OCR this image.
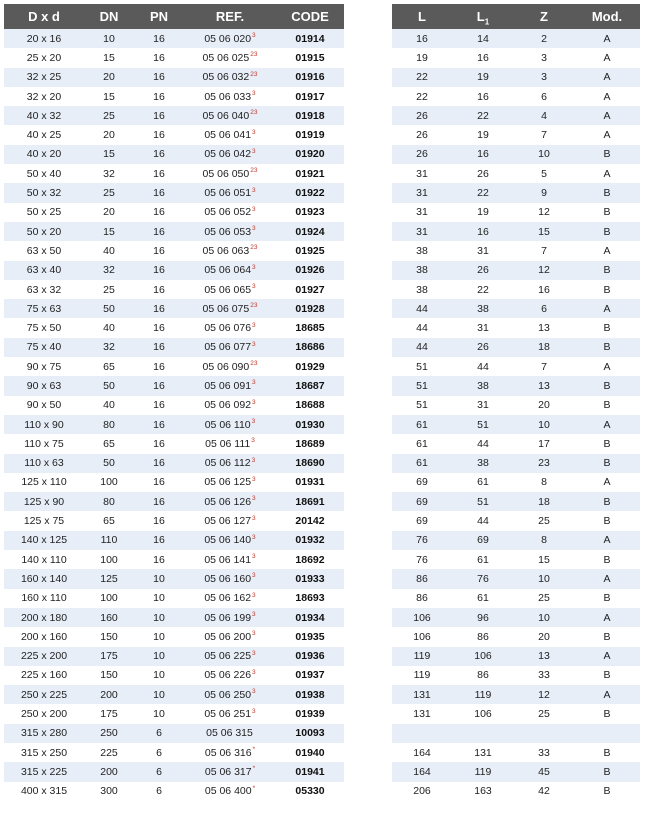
D x d	DN	PN	REF.	CODE
20 x 16	10	16	05 06 $020^3$	01914
25 x 20	15	16	05 06 $025^{23}$	01915
32 x 25	20	16	05 06 $032^{23}$	01916
32 x 20	15	16	05 06 $033^3$	01917
40 x 32	25	16	05 06 $040^{23}$	01918
40 x 25	20	16	05 06 $041^3$	01919
40 x 20	15	16	05 06 $042^3$	01920
50 x 40	32	16	05 06 $050^{23}$	01921
50 x 32	25	16	05 06 $051^3$	01922
50 x 25	20	16	05 06 $052^3$	01923
50 x 20	15	16	05 06 $053^3$	01924
63 x 50	40	16	05 06 $063^{23}$	01925
63 x 40	32	16	05 06 $064^3$	01926
63 x 32	25	16	05 06 $065^3$	01927
75 x 63	50	16	05 06 $075^{23}$	01928
75 x 50	40	16	05 06 $076^3$	18685
75 x 40	32	16	05 06 $077^3$	18686
90 x 75	65	16	05 06 $090^{23}$	01929
90 x 63	50	16	05 06 $091^3$	18687
90 x 50	40	16	05 06 $092^3$	18688
110 x 90	80	16	05 06 $110^3$	01930
110 x 75	65	16	05 06 $111^3$	18689
110 x 63	50	16	05 06 $112^3$	18690
125 x 110	100	16	05 06 $125^3$	01931
125 x 90	80	16	05 06 $126^3$	18691
125 x 75	65	16	05 06 $127^3$	20142
140 x 125	110	16	05 06 $140^3$	01932
140 x 110	100	16	05 06 $141^3$	18692
160 x 140	125	10	05 06 $160^3$	01933
160 x 110	100	10	05 06 $162^3$	18693
200 x 180	160	10	05 06 $199^3$	01934
200 x 160	150	10	05 06 $200^3$	01935
225 x 200	175	10	05 06 $225^3$	01936
225 x 160	150	10	05 06 $226^3$	01937
250 x 225	200	10	05 06 $250^3$	01938
250 x 200	175	10	05 06 $251^3$	01939
315 x 280	250	6	05 06 315	10093
315 x 250	225	6	05 06 316*	01940
315 x 225	200	6	05 06 317*	01941
400 x 315	300	6	05 06 400*	05330
L	$L_1$	Z	Mod.
16	14	2	A
19	16	3	A
22	19	3	A
22	16	6	A
26	22	4	A
26	19	7	A
26	16	10	B
31	26	5	A
31	22	9	B
31	19	12	B
31	16	15	B
38	31	7	A
38	26	12	B
38	22	16	B
44	38	6	A
44	31	13	B
44	26	18	B
51	44	7	A
51	38	13	B
51	31	20	B
61	51	10	A
61	44	17	B
61	38	23	B
69	61	8	A
69	51	18	B
69	44	25	B
76	69	8	A
76	61	15	B
86	76	10	A
86	61	25	B
106	96	10	A
106	86	20	B
119	106	13	A
119	86	33	B
131	119	12	A
131	106	25	B

164	131	33	B
164	119	45	B
206	163	42	B
